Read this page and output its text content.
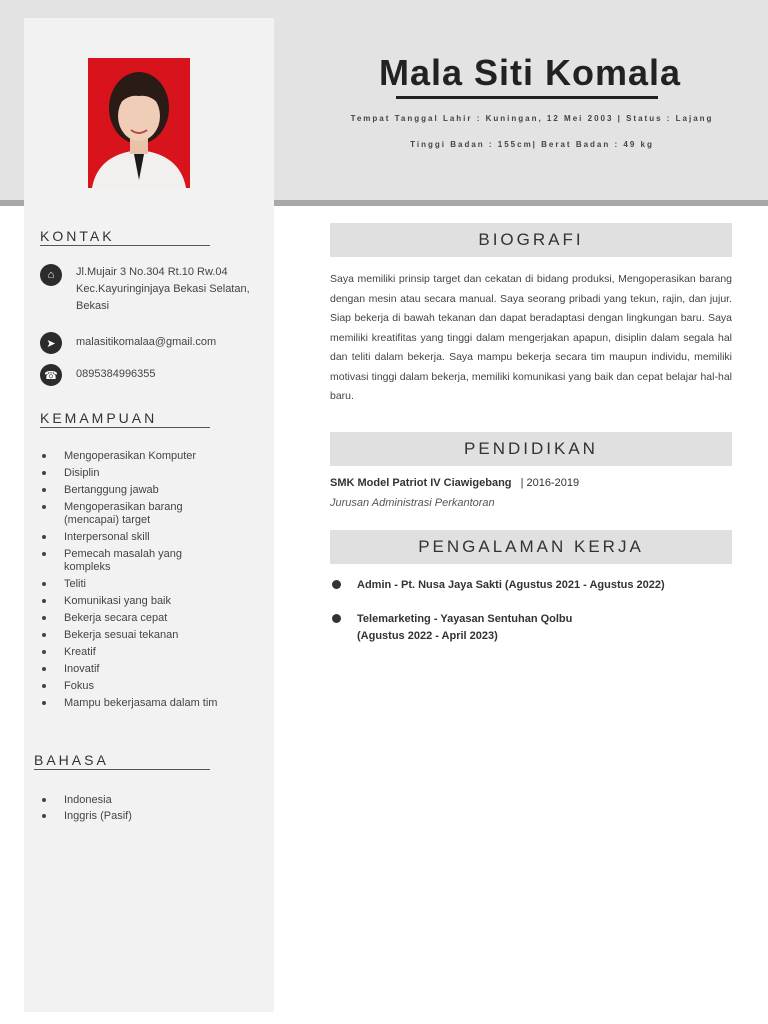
Mala Siti Komala
Tempat Tanggal Lahir : Kuningan, 12 Mei 2003 | Status : Lajang
Tinggi Badan : 155cm| Berat Badan : 49 kg
KONTAK
⌂	Jl.Mujair 3 No.304 Rt.10 Rw.04 Kec.Kayuringinjaya Bekasi Selatan, Bekasi
➤	malasitikomalaa@gmail.com
☎	0895384996355
KEMAMPUAN
Mengoperasikan Komputer
Disiplin
Bertanggung jawab
Mengoperasikan barang (mencapai) target
Interpersonal skill
Pemecah masalah yang kompleks
Teliti
Komunikasi yang baik
Bekerja secara cepat
Bekerja sesuai tekanan
Kreatif
Inovatif
Fokus
Mampu bekerjasama dalam tim
BAHASA
Indonesia
Inggris (Pasif)
BIOGRAFI

Saya memiliki prinsip target dan cekatan di bidang produksi, Mengoperasikan barang dengan mesin atau secara manual. Saya seorang pribadi yang tekun, rajin, dan jujur. Siap bekerja di bawah tekanan dan dapat beradaptasi dengan lingkungan baru. Saya memiliki kreatifitas yang tinggi dalam mengerjakan apapun, disiplin dalam segala hal dan teliti dalam bekerja. Saya mampu bekerja secara tim maupun individu, memiliki motivasi tinggi dalam bekerja, memiliki komunikasi yang baik dan cepat belajar hal-hal baru.

PENDIDIKAN
SMK Model Patriot IV Ciawigebang | 2016-2019
Jurusan Administrasi Perkantoran
PENGALAMAN KERJA
Admin - Pt. Nusa Jaya Sakti (Agustus 2021 - Agustus 2022)
Telemarketing - Yayasan Sentuhan Qolbu (Agustus 2022 - April 2023)
